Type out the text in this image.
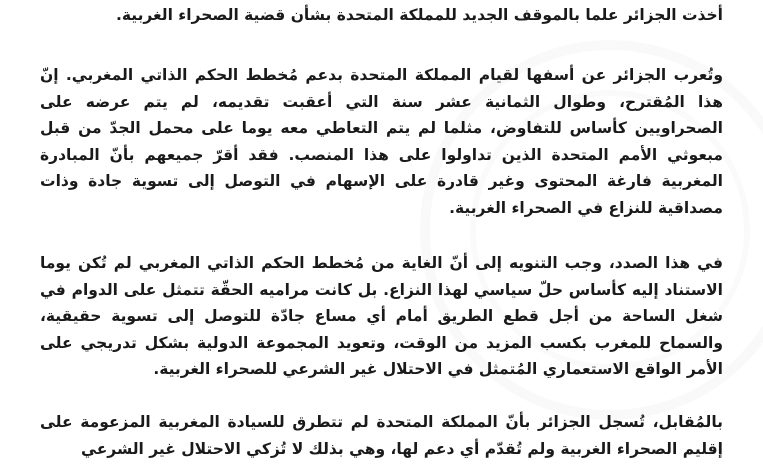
أخذت الجزائر علما بالموقف الجديد للمملكة المتحدة بشأن قضية الصحراء الغربية.

وتُعرب الجزائر عن أسفها لقيام المملكة المتحدة بدعم مُخطط الحكم الذاتي المغربي. إنّ هذا المُقترح، وطوال الثمانية عشر سنة التي أعقبت تقديمه، لم يتم عرضه على الصحراويين كأساس للتفاوض، مثلما لم يتم التعاطي معه يوما على محمل الجدّ من قبل مبعوثي الأمم المتحدة الذين تداولوا على هذا المنصب. فقد أقرّ جميعهم بأنّ المبادرة المغربية فارغة المحتوى وغير قادرة على الإسهام في التوصل إلى تسوية جادة وذات مصداقية للنزاع في الصحراء الغربية.

في هذا الصدد، وجب التنويه إلى أنّ الغاية من مُخطط الحكم الذاتي المغربي لم تُكن يوما الاستناد إليه كأساس حلّ سياسي لهذا النزاع. بل كانت مراميه الحقّة تتمثل على الدوام في شغل الساحة من أجل قطع الطريق أمام أي مساع جادّة للتوصل إلى تسوية حقيقية، والسماح للمغرب بكسب المزيد من الوقت، وتعويد المجموعة الدولية بشكل تدريجي على الأمر الواقع الاستعماري المُتمثل في الاحتلال غير الشرعي للصحراء الغربية.

بالمُقابل، تُسجل الجزائر بأنّ المملكة المتحدة لم تتطرق للسيادة المغربية المزعومة على إقليم الصحراء الغربية ولم تُقدّم أي دعم لها، وهي بذلك لا تُزكي الاحتلال غير الشرعي
